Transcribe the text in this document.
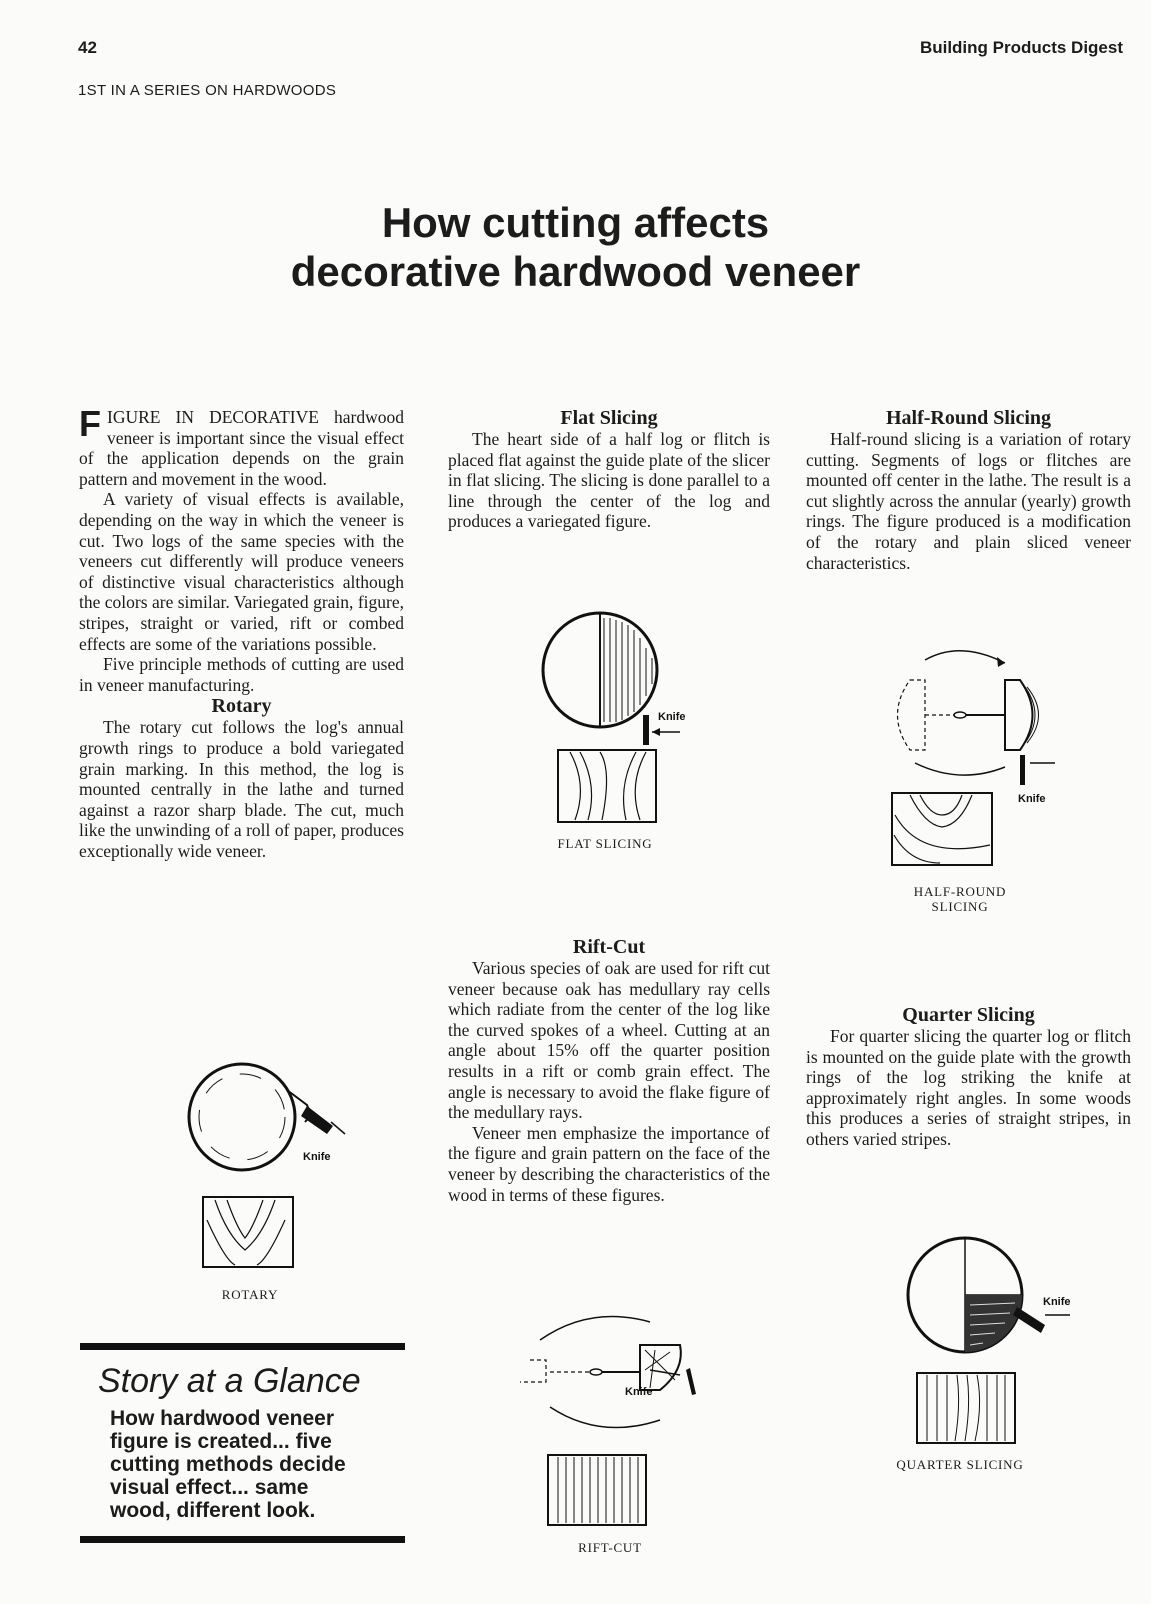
42	Building Products Digest
1ST IN A SERIES ON HARDWOODS
How cutting affects
decorative hardwood veneer

FIGURE IN DECORATIVE hardwood veneer is important since the visual effect of the application depends on the grain pattern and movement in the wood.

A variety of visual effects is available, depending on the way in which the veneer is cut. Two logs of the same species with the veneers cut differently will produce veneers of distinctive visual characteristics although the colors are similar. Variegated grain, figure, stripes, straight or varied, rift or combed effects are some of the variations possible.

Five principle methods of cutting are used in veneer manufacturing.

Rotary

The rotary cut follows the log's annual growth rings to produce a bold variegated grain marking. In this method, the log is mounted centrally in the lathe and turned against a razor sharp blade. The cut, much like the unwinding of a roll of paper, produces exceptionally wide veneer.

Knife
ROTARY
Story at a Glance
How hardwood veneer figure is created... five cutting methods decide visual effect... same wood, different look.
Flat Slicing

The heart side of a half log or flitch is placed flat against the guide plate of the slicer in flat slicing. The slicing is done parallel to a line through the center of the log and produces a variegated figure.

Knife
FLAT SLICING
Rift-Cut

Various species of oak are used for rift cut veneer because oak has medullary ray cells which radiate from the center of the log like the curved spokes of a wheel. Cutting at an angle about 15% off the quarter position results in a rift or comb grain effect. The angle is necessary to avoid the flake figure of the medullary rays.

Veneer men emphasize the importance of the figure and grain pattern on the face of the veneer by describing the characteristics of the wood in terms of these figures.

Knife
RIFT-CUT
Half-Round Slicing

Half-round slicing is a variation of rotary cutting. Segments of logs or flitches are mounted off center in the lathe. The result is a cut slightly across the annular (yearly) growth rings. The figure produced is a modification of the rotary and plain sliced veneer characteristics.

Knife
HALF-ROUND
SLICING
Quarter Slicing

For quarter slicing the quarter log or flitch is mounted on the guide plate with the growth rings of the log striking the knife at approximately right angles. In some woods this produces a series of straight stripes, in others varied stripes.

Knife
QUARTER SLICING
